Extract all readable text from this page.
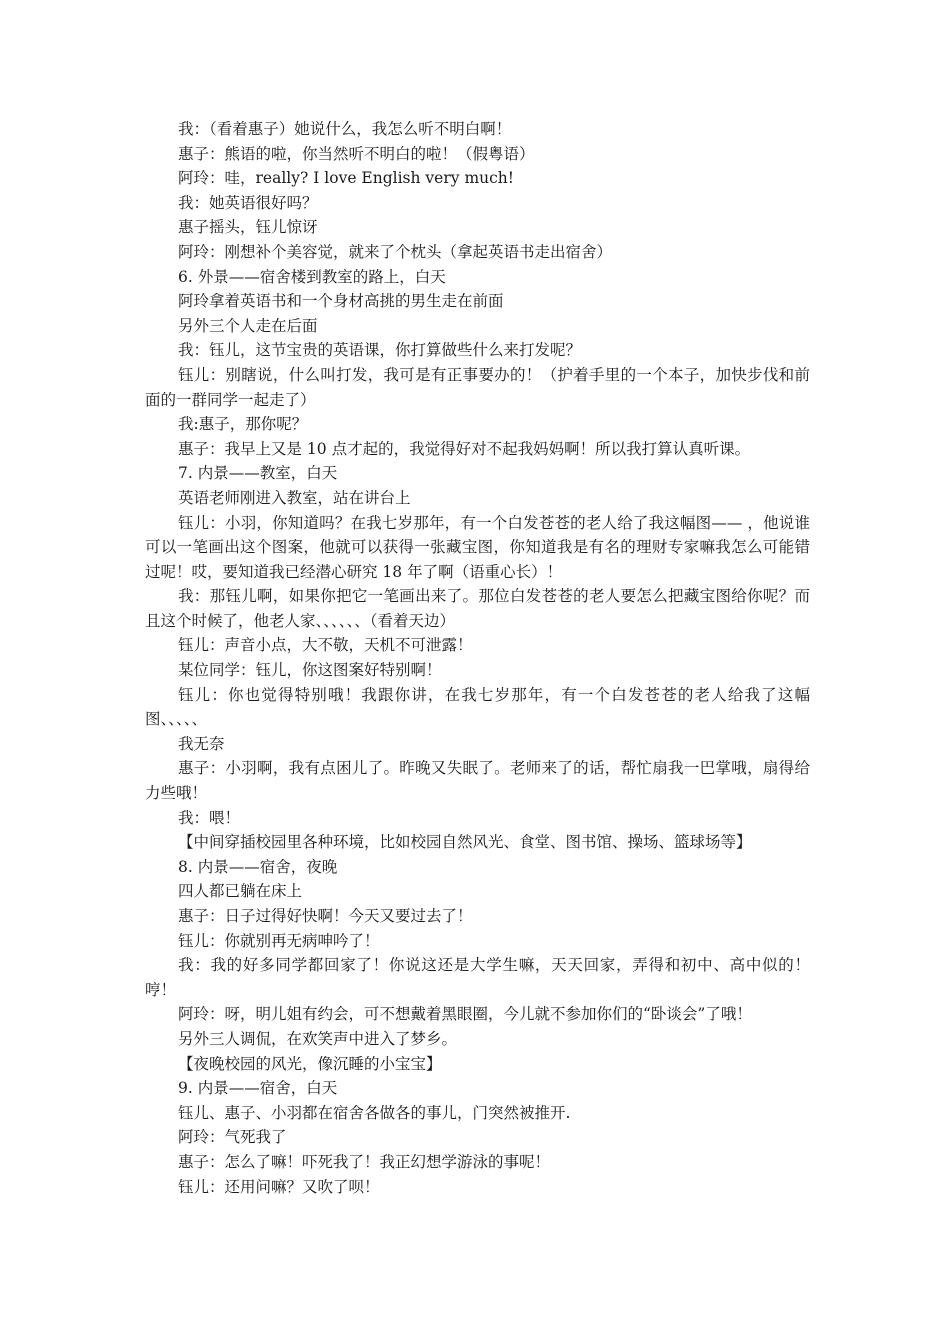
我：（看着惠子）她说什么，我怎么听不明白啊！

惠子：熊语的啦，你当然听不明白的啦！（假粤语）

阿玲：哇，really? I love English very much!

我：她英语很好吗？

惠子摇头，钰儿惊讶

阿玲：刚想补个美容觉，就来了个枕头（拿起英语书走出宿舍）

6. 外景——宿舍楼到教室的路上，白天

阿玲拿着英语书和一个身材高挑的男生走在前面

另外三个人走在后面

我：钰儿，这节宝贵的英语课，你打算做些什么来打发呢？

钰儿：别瞎说，什么叫打发，我可是有正事要办的！（护着手里的一个本子，加快步伐和前面的一群同学一起走了）

我:惠子，那你呢？

惠子：我早上又是 10 点才起的，我觉得好对不起我妈妈啊！所以我打算认真听课。

7. 内景——教室，白天

英语老师刚进入教室，站在讲台上

钰儿：小羽，你知道吗？在我七岁那年，有一个白发苍苍的老人给了我这幅图—— ，他说谁可以一笔画出这个图案，他就可以获得一张藏宝图，你知道我是有名的理财专家嘛我怎么可能错过呢！哎，要知道我已经潜心研究 18 年了啊（语重心长）！

我：那钰儿啊，如果你把它一笔画出来了。那位白发苍苍的老人要怎么把藏宝图给你呢？而且这个时候了，他老人家、、、、、、（看着天边）

钰儿：声音小点，大不敬，天机不可泄露！

某位同学：钰儿，你这图案好特别啊！

钰儿：你也觉得特别哦！我跟你讲，在我七岁那年，有一个白发苍苍的老人给我了这幅图、、、、、

我无奈

惠子：小羽啊，我有点困儿了。昨晚又失眠了。老师来了的话，帮忙扇我一巴掌哦，扇得给力些哦！

我：喂！

【中间穿插校园里各种环境，比如校园自然风光、食堂、图书馆、操场、篮球场等】

8. 内景——宿舍，夜晚

四人都已躺在床上

惠子：日子过得好快啊！今天又要过去了！

钰儿：你就别再无病呻吟了！

我：我的好多同学都回家了！你说这还是大学生嘛，天天回家，弄得和初中、高中似的！哼！

阿玲：呀，明儿姐有约会，可不想戴着黑眼圈，今儿就不参加你们的“卧谈会”了哦！

另外三人调侃，在欢笑声中进入了梦乡。

【夜晚校园的风光，像沉睡的小宝宝】

9. 内景——宿舍，白天

钰儿、惠子、小羽都在宿舍各做各的事儿，门突然被推开.

阿玲：气死我了

惠子：怎么了嘛！吓死我了！我正幻想学游泳的事呢！

钰儿：还用问嘛？又吹了呗！
